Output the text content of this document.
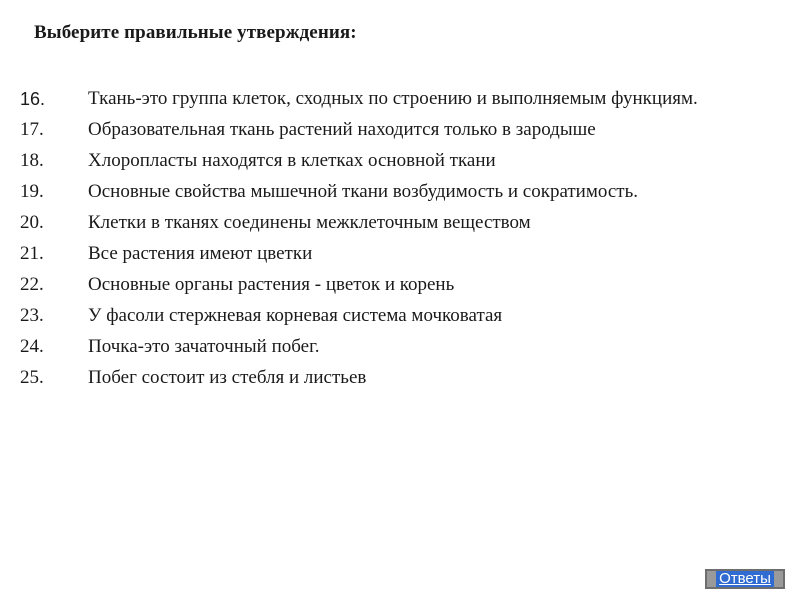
Выберите правильные утверждения:
16.	Ткань-это группа клеток, сходных по строению и выполняемым функциям.
17.	Образовательная ткань растений находится только в зародыше
18.	Хлоропласты находятся в клетках основной ткани
19.	Основные свойства мышечной ткани возбудимость и сократимость.
20.	Клетки в тканях соединены межклеточным веществом
21.	Все растения имеют цветки
22.	Основные органы растения - цветок и корень
23.	У фасоли стержневая корневая система мочковатая
24.	Почка-это зачаточный побег.
25.	Побег состоит из стебля и листьев
Ответы
